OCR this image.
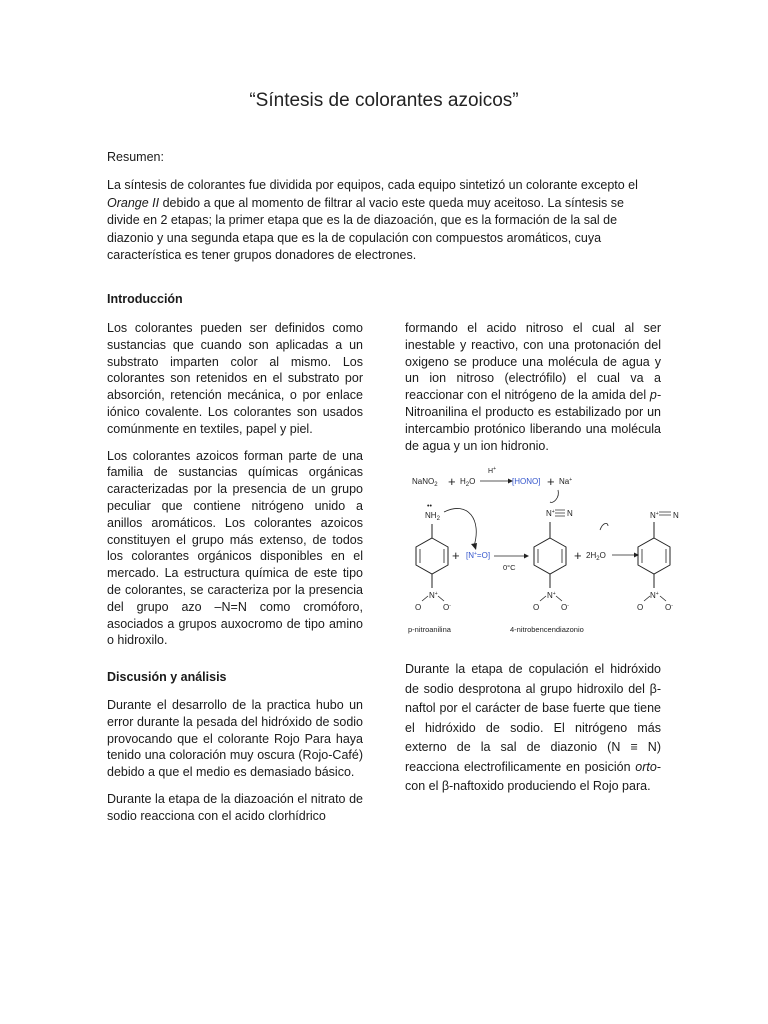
“Síntesis de colorantes azoicos”
Resumen:
La síntesis de colorantes fue dividida por equipos, cada equipo sintetizó un colorante excepto el Orange II debido a que al momento de filtrar al vacio este queda muy aceitoso. La síntesis se divide en 2 etapas; la primer etapa que es la de diazoación, que es la formación de la sal de diazonio y una segunda etapa que es la de copulación con compuestos aromáticos, cuya característica es tener grupos donadores de electrones.
Introducción

Los colorantes pueden ser definidos como sustancias que cuando son aplicadas a un substrato imparten color al mismo. Los colorantes son retenidos en el substrato por absorción, retención mecánica, o por enlace iónico covalente. Los colorantes son usados comúnmente en textiles, papel y piel.

Los colorantes azoicos forman parte de una familia de sustancias químicas orgánicas caracterizadas por la presencia de un grupo peculiar que contiene nitrógeno unido a anillos aromáticos. Los colorantes azoicos constituyen el grupo más extenso, de todos los colorantes orgánicos disponibles en el mercado. La estructura química de este tipo de colorantes, se caracteriza por la presencia del grupo azo –N=N como cromóforo, asociados a grupos auxocromo de tipo amino o hidroxilo.

Discusión y análisis

Durante el desarrollo de la practica hubo un error durante la pesada del hidróxido de sodio provocando que el colorante Rojo Para haya tenido una coloración muy oscura (Rojo-Café) debido a que el medio es demasiado básico.

Durante la etapa de la diazoación el nitrato de sodio reacciona con el acido clorhídrico

formando el acido nitroso el cual al ser inestable y reactivo, con una protonación del oxigeno se produce una molécula de agua y un ion nitroso (electrófilo) el cual va a reaccionar con el nitrógeno de la amida del p-Nitroanilina el producto es estabilizado por un intercambio protónico liberando una molécula de agua y un ion hidronio.

NaNO$_2$ + $H_2O$
H+
[HONO] + Na+
$NH_2$
••
N+
O	O-
+ [N+=O]
0°C
N+ N
N+
O	O-
+ $2H_2O$
N+ N
N+
O	O-
p-nitroanilina	4-nitrobencendiazonio

Durante la etapa de copulación el hidróxido de sodio desprotona al grupo hidroxilo del β-naftol por el carácter de base fuerte que tiene el hidróxido de sodio. El nitrógeno más externo de la sal de diazonio (N ≡ N) reacciona electrofilicamente en posición orto-con el β-naftoxido produciendo el Rojo para.
